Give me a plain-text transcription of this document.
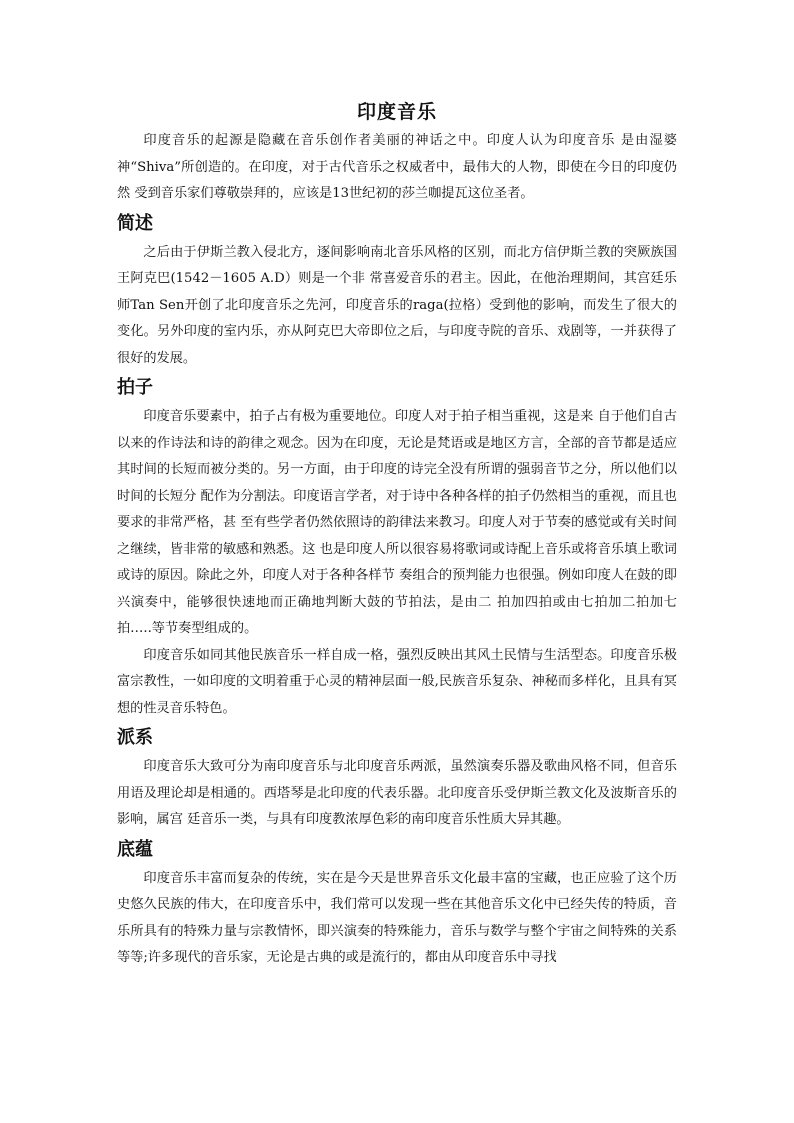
印度音乐

印度音乐的起源是隐藏在音乐创作者美丽的神话之中。印度人认为印度音乐 是由湿婆神“Shiva”所创造的。在印度，对于古代音乐之权威者中，最伟大的人物，即使在今日的印度仍然 受到音乐家们尊敬崇拜的，应该是13世纪初的莎兰咖提瓦这位圣者。

简述

之后由于伊斯兰教入侵北方，逐间影响南北音乐风格的区别，而北方信伊斯兰教的突厥族国王阿克巴(1542－1605 A.D）则是一个非 常喜爱音乐的君主。因此，在他治理期间，其宫廷乐师Tan Sen开创了北印度音乐之先河，印度音乐的raga(拉格）受到他的影响，而发生了很大的变化。另外印度的室内乐，亦从阿克巴大帝即位之后，与印度寺院的音乐、戏剧等，一并获得了很好的发展。

拍子

印度音乐要素中，拍子占有极为重要地位。印度人对于拍子相当重视，这是来 自于他们自古以来的作诗法和诗的韵律之观念。因为在印度，无论是梵语或是地区方言，全部的音节都是适应 其时间的长短而被分类的。另一方面，由于印度的诗完全没有所谓的强弱音节之分，所以他们以时间的长短分 配作为分割法。印度语言学者，对于诗中各种各样的拍子仍然相当的重视，而且也要求的非常严格，甚 至有些学者仍然依照诗的韵律法来教习。印度人对于节奏的感觉或有关时间之继续，皆非常的敏感和熟悉。这 也是印度人所以很容易将歌词或诗配上音乐或将音乐填上歌词或诗的原因。除此之外，印度人对于各种各样节 奏组合的预判能力也很强。例如印度人在鼓的即兴演奏中，能够很快速地而正确地判断大鼓的节拍法，是由二 拍加四拍或由七拍加二拍加七拍…..等节奏型组成的。

印度音乐如同其他民族音乐一样自成一格，强烈反映出其风土民情与生活型态。印度音乐极富宗教性，一如印度的文明着重于心灵的精神层面一般,民族音乐复杂、神秘而多样化，且具有冥想的性灵音乐特色。

派系

印度音乐大致可分为南印度音乐与北印度音乐两派，虽然演奏乐器及歌曲风格不同，但音乐用语及理论却是相通的。西塔琴是北印度的代表乐器。北印度音乐受伊斯兰教文化及波斯音乐的影响，属宫 廷音乐一类，与具有印度教浓厚色彩的南印度音乐性质大异其趣。

底蕴

印度音乐丰富而复杂的传统，实在是今天是世界音乐文化最丰富的宝藏，也正应验了这个历史悠久民族的伟大，在印度音乐中，我们常可以发现一些在其他音乐文化中已经失传的特质，音乐所具有的特殊力量与宗教情怀，即兴演奏的特殊能力，音乐与数学与整个宇宙之间特殊的关系等等;许多现代的音乐家，无论是古典的或是流行的，都由从印度音乐中寻找
